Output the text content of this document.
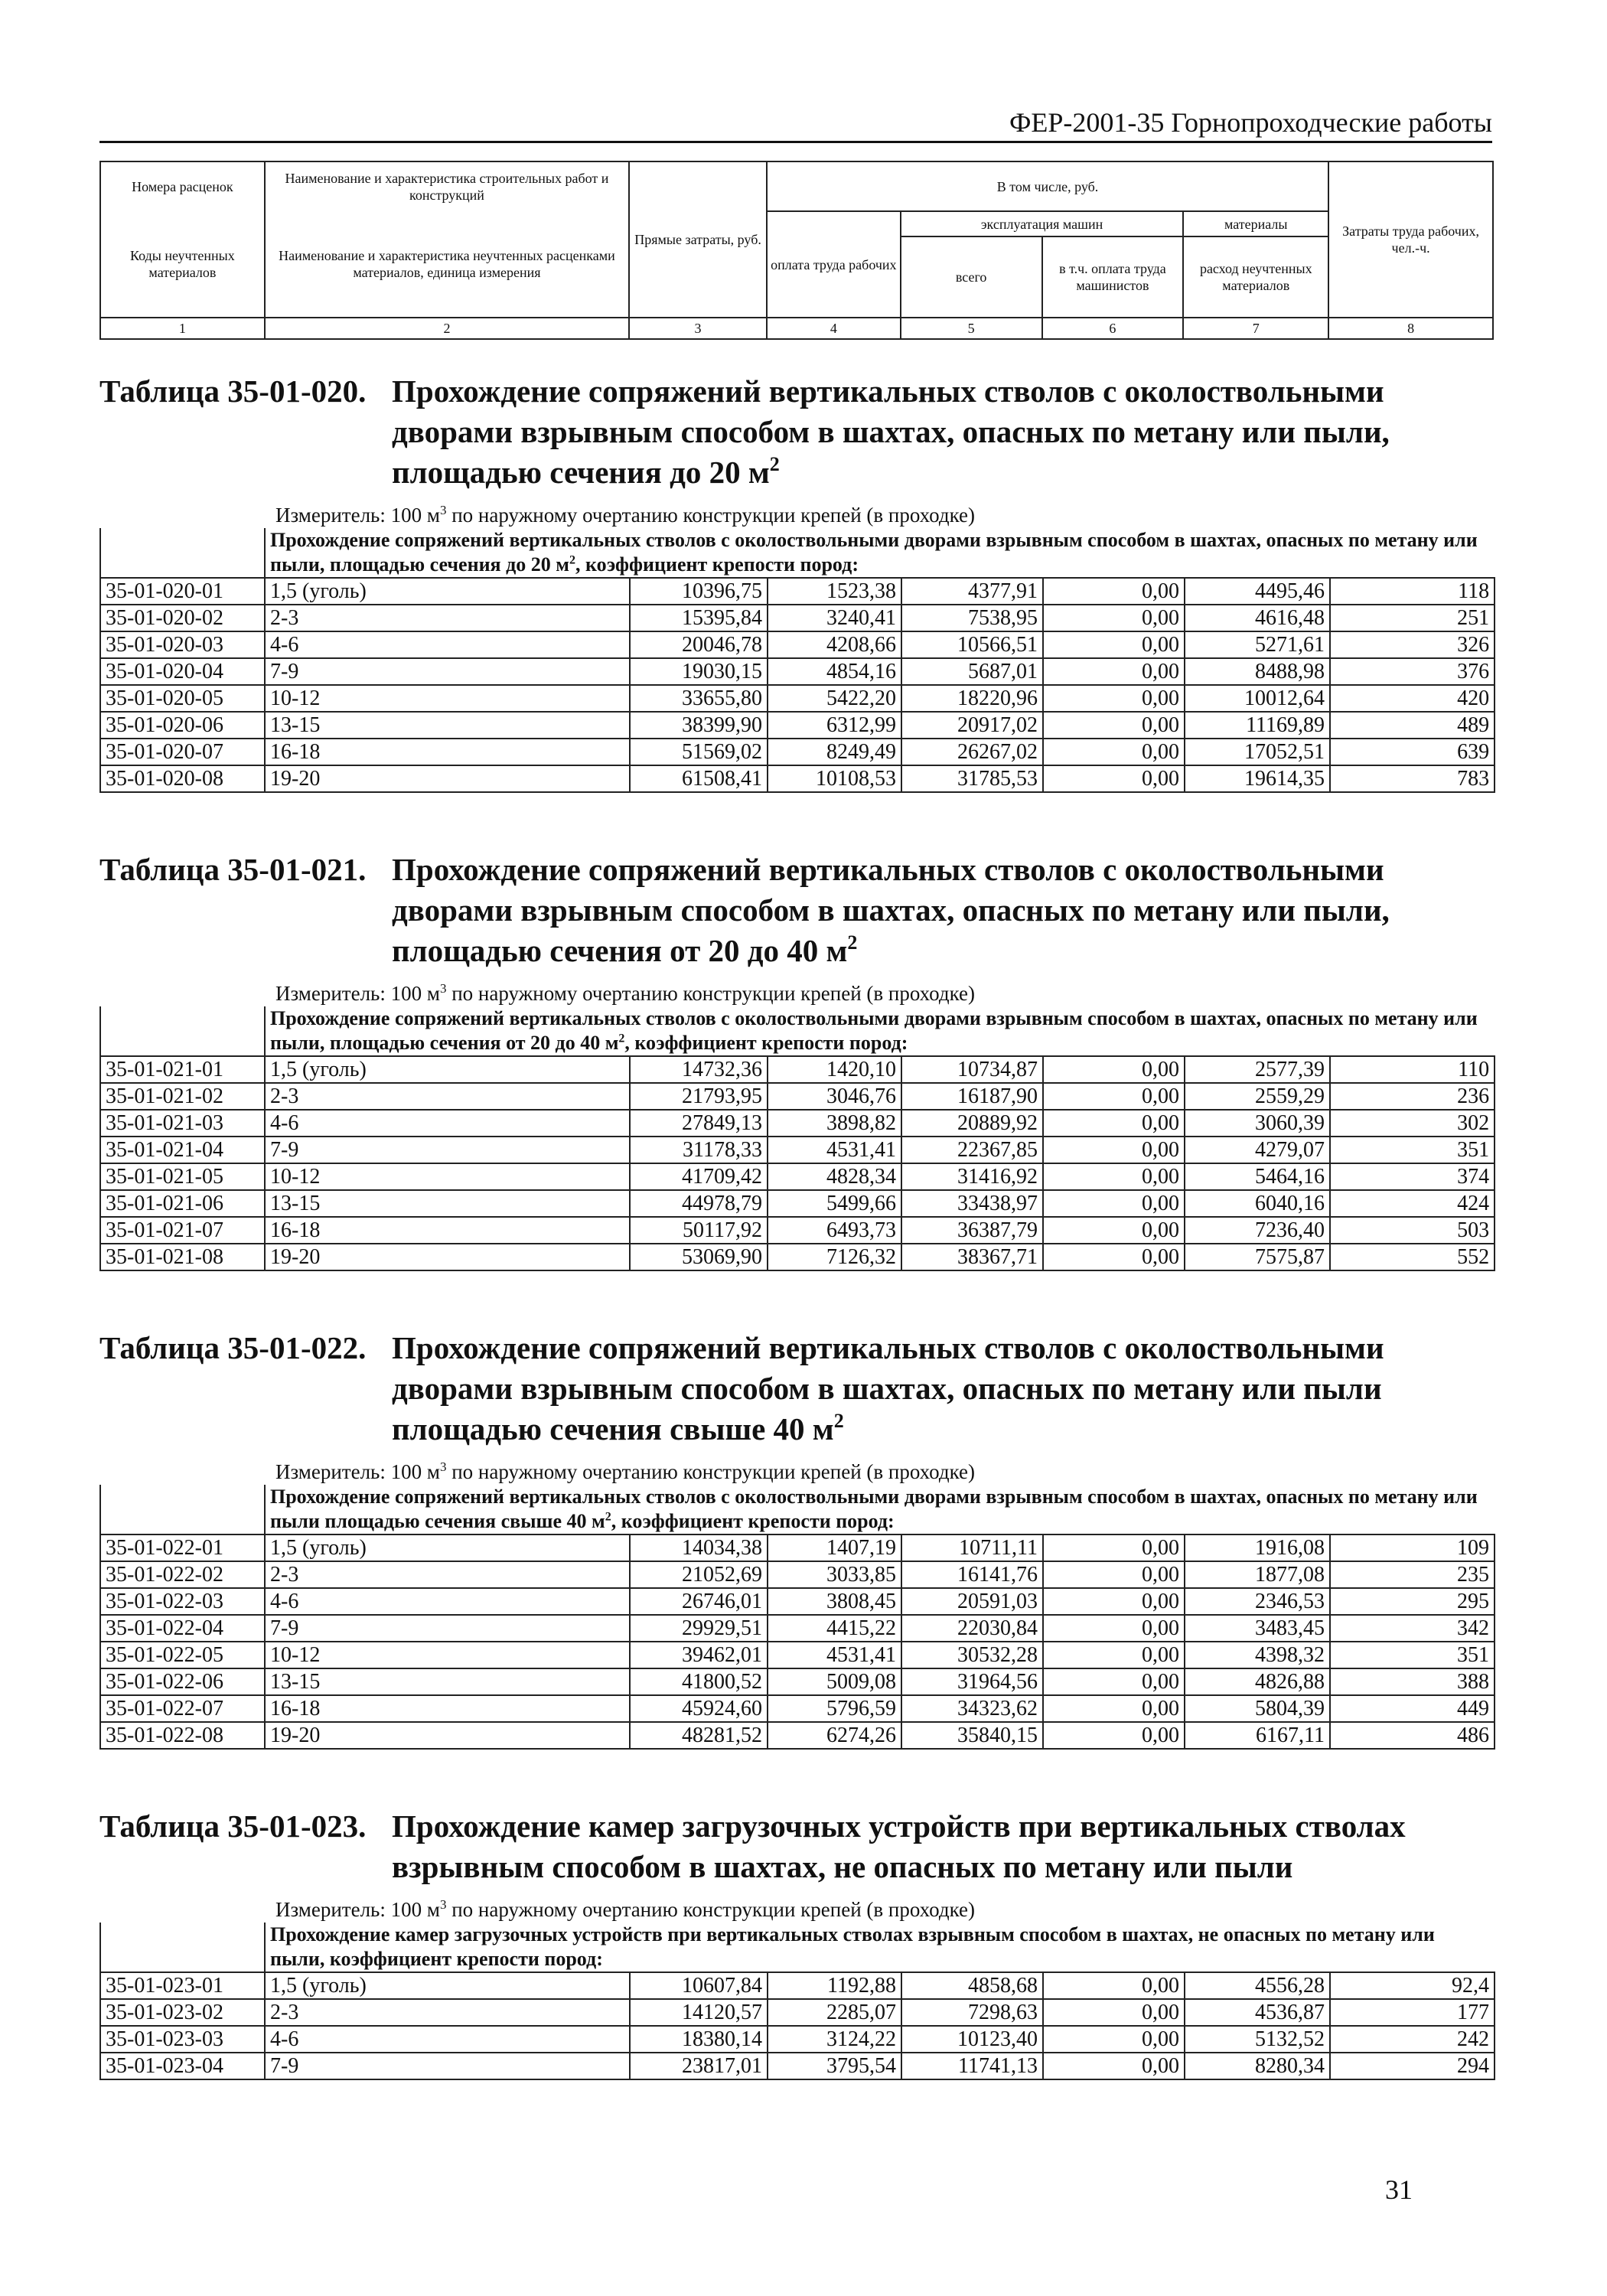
ФЕР-2001-35 Горнопроходческие работы
Номера расценок	Наименование и характеристика строительных работ и конструкций	Прямые затраты, руб.	В том числе, руб.				Затраты труда рабочих, чел.-ч.
Коды неучтенных материалов	Наименование и характеристика неучтенных расценками материалов, единица измерения		оплата труда рабочих	эксплуатация машин		материалы	
				всего	в т.ч. оплата труда машинистов	расход неучтенных материалов	
1	2	3	4	5	6	7	8
Таблица 35-01-020. Прохождение сопряжений вертикальных стволов с околоствольными дворами взрывным способом в шахтах, опасных по метану или пыли, площадью сечения до 20 $м^2$
Измеритель: 100 $м^3$ по наружному очертанию конструкции крепей (в проходке)
	Прохождение сопряжений вертикальных стволов с околоствольными дворами взрывным способом в шахтах, опасных по метану или пыли, площадью сечения до 20 $м^2$, коэффициент крепости пород:						
35-01-020-01	1,5 (уголь)	10396,75	1523,38	4377,91	0,00	4495,46	118
35-01-020-02	2-3	15395,84	3240,41	7538,95	0,00	4616,48	251
35-01-020-03	4-6	20046,78	4208,66	10566,51	0,00	5271,61	326
35-01-020-04	7-9	19030,15	4854,16	5687,01	0,00	8488,98	376
35-01-020-05	10-12	33655,80	5422,20	18220,96	0,00	10012,64	420
35-01-020-06	13-15	38399,90	6312,99	20917,02	0,00	11169,89	489
35-01-020-07	16-18	51569,02	8249,49	26267,02	0,00	17052,51	639
35-01-020-08	19-20	61508,41	10108,53	31785,53	0,00	19614,35	783
Таблица 35-01-021. Прохождение сопряжений вертикальных стволов с околоствольными дворами взрывным способом в шахтах, опасных по метану или пыли, площадью сечения от 20 до 40 $м^2$
Измеритель: 100 $м^3$ по наружному очертанию конструкции крепей (в проходке)
	Прохождение сопряжений вертикальных стволов с околоствольными дворами взрывным способом в шахтах, опасных по метану или пыли, площадью сечения от 20 до 40 $м^2$, коэффициент крепости пород:						
35-01-021-01	1,5 (уголь)	14732,36	1420,10	10734,87	0,00	2577,39	110
35-01-021-02	2-3	21793,95	3046,76	16187,90	0,00	2559,29	236
35-01-021-03	4-6	27849,13	3898,82	20889,92	0,00	3060,39	302
35-01-021-04	7-9	31178,33	4531,41	22367,85	0,00	4279,07	351
35-01-021-05	10-12	41709,42	4828,34	31416,92	0,00	5464,16	374
35-01-021-06	13-15	44978,79	5499,66	33438,97	0,00	6040,16	424
35-01-021-07	16-18	50117,92	6493,73	36387,79	0,00	7236,40	503
35-01-021-08	19-20	53069,90	7126,32	38367,71	0,00	7575,87	552
Таблица 35-01-022. Прохождение сопряжений вертикальных стволов с околоствольными дворами взрывным способом в шахтах, опасных по метану или пыли площадью сечения свыше 40 $м^2$
Измеритель: 100 $м^3$ по наружному очертанию конструкции крепей (в проходке)
	Прохождение сопряжений вертикальных стволов с околоствольными дворами взрывным способом в шахтах, опасных по метану или пыли площадью сечения свыше 40 $м^2$, коэффициент крепости пород:						
35-01-022-01	1,5 (уголь)	14034,38	1407,19	10711,11	0,00	1916,08	109
35-01-022-02	2-3	21052,69	3033,85	16141,76	0,00	1877,08	235
35-01-022-03	4-6	26746,01	3808,45	20591,03	0,00	2346,53	295
35-01-022-04	7-9	29929,51	4415,22	22030,84	0,00	3483,45	342
35-01-022-05	10-12	39462,01	4531,41	30532,28	0,00	4398,32	351
35-01-022-06	13-15	41800,52	5009,08	31964,56	0,00	4826,88	388
35-01-022-07	16-18	45924,60	5796,59	34323,62	0,00	5804,39	449
35-01-022-08	19-20	48281,52	6274,26	35840,15	0,00	6167,11	486
Таблица 35-01-023. Прохождение камер загрузочных устройств при вертикальных стволах взрывным способом в шахтах, не опасных по метану или пыли
Измеритель: 100 $м^3$ по наружному очертанию конструкции крепей (в проходке)
	Прохождение камер загрузочных устройств при вертикальных стволах взрывным способом в шахтах, не опасных по метану или пыли, коэффициент крепости пород:						
35-01-023-01	1,5 (уголь)	10607,84	1192,88	4858,68	0,00	4556,28	92,4
35-01-023-02	2-3	14120,57	2285,07	7298,63	0,00	4536,87	177
35-01-023-03	4-6	18380,14	3124,22	10123,40	0,00	5132,52	242
35-01-023-04	7-9	23817,01	3795,54	11741,13	0,00	8280,34	294
31
